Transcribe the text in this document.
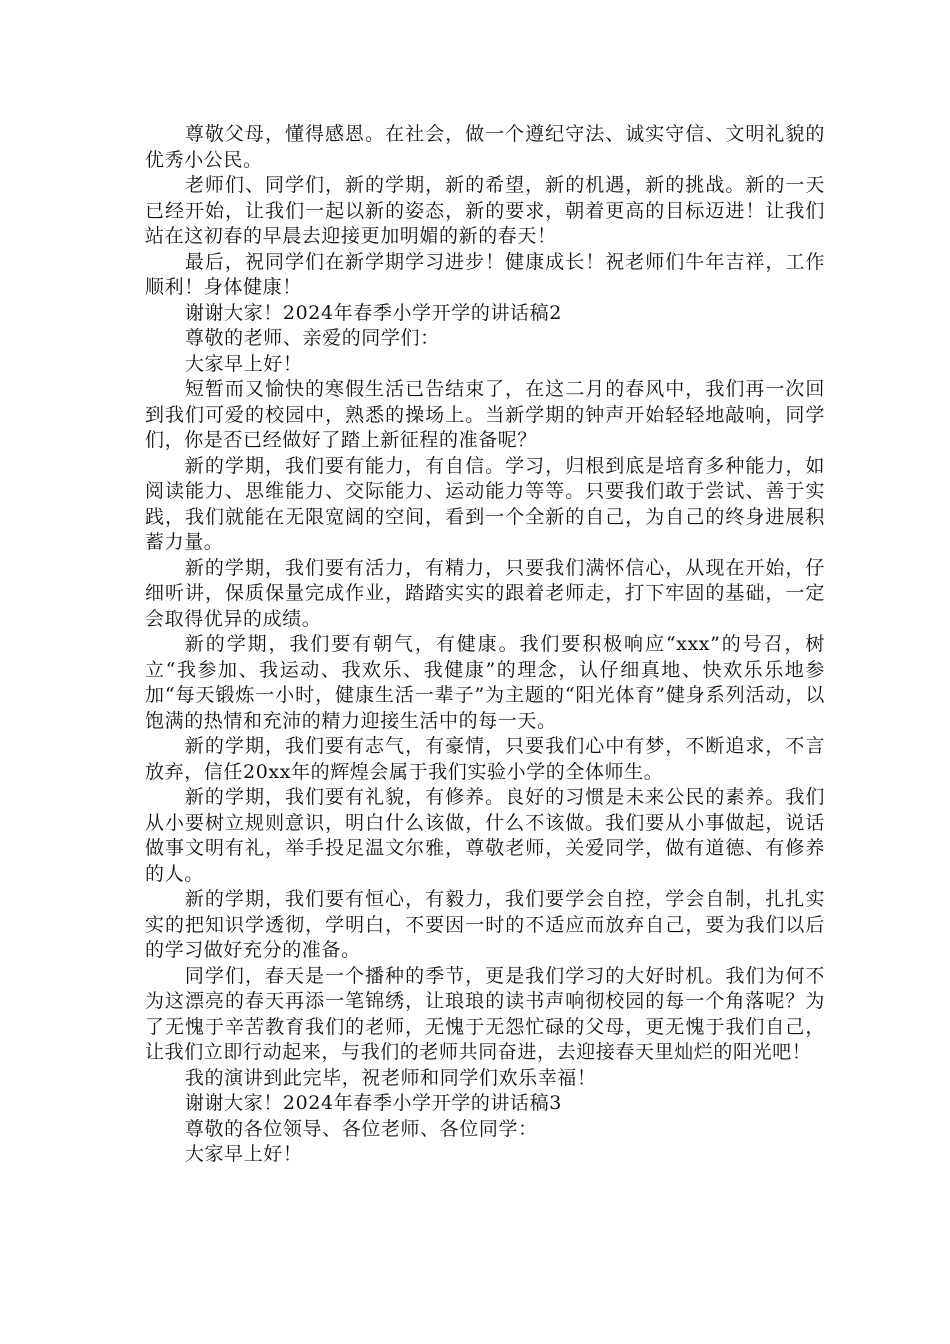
尊敬父母，懂得感恩。在社会，做一个遵纪守法、诚实守信、文明礼貌的优秀小公民。

老师们、同学们，新的学期，新的希望，新的机遇，新的挑战。新的一天已经开始，让我们一起以新的姿态，新的要求，朝着更高的目标迈进！让我们站在这初春的早晨去迎接更加明媚的新的春天！

最后，祝同学们在新学期学习进步！健康成长！祝老师们牛年吉祥，工作顺利！身体健康！

谢谢大家！2024年春季小学开学的讲话稿2

尊敬的老师、亲爱的同学们：

大家早上好！

短暂而又愉快的寒假生活已告结束了，在这二月的春风中，我们再一次回到我们可爱的校园中，熟悉的操场上。当新学期的钟声开始轻轻地敲响，同学们，你是否已经做好了踏上新征程的准备呢？

新的学期，我们要有能力，有自信。学习，归根到底是培育多种能力，如阅读能力、思维能力、交际能力、运动能力等等。只要我们敢于尝试、善于实践，我们就能在无限宽阔的空间，看到一个全新的自己，为自己的终身进展积蓄力量。

新的学期，我们要有活力，有精力，只要我们满怀信心，从现在开始，仔细听讲，保质保量完成作业，踏踏实实的跟着老师走，打下牢固的基础，一定会取得优异的成绩。

新的学期，我们要有朝气，有健康。我们要积极响应“xxx”的号召，树立“我参加、我运动、我欢乐、我健康”的理念，认仔细真地、快欢乐乐地参加“每天锻炼一小时，健康生活一辈子”为主题的“阳光体育”健身系列活动，以饱满的热情和充沛的精力迎接生活中的每一天。

新的学期，我们要有志气，有豪情，只要我们心中有梦，不断追求，不言放弃，信任20xx年的辉煌会属于我们实验小学的全体师生。

新的学期，我们要有礼貌，有修养。良好的习惯是未来公民的素养。我们从小要树立规则意识，明白什么该做，什么不该做。我们要从小事做起，说话做事文明有礼，举手投足温文尔雅，尊敬老师，关爱同学，做有道德、有修养的人。

新的学期，我们要有恒心，有毅力，我们要学会自控，学会自制，扎扎实实的把知识学透彻，学明白，不要因一时的不适应而放弃自己，要为我们以后的学习做好充分的准备。

同学们，春天是一个播种的季节，更是我们学习的大好时机。我们为何不为这漂亮的春天再添一笔锦绣，让琅琅的读书声响彻校园的每一个角落呢？为了无愧于辛苦教育我们的老师，无愧于无怨忙碌的父母，更无愧于我们自己，让我们立即行动起来，与我们的老师共同奋进，去迎接春天里灿烂的阳光吧！

我的演讲到此完毕，祝老师和同学们欢乐幸福！

谢谢大家！2024年春季小学开学的讲话稿3

尊敬的各位领导、各位老师、各位同学：

大家早上好！
